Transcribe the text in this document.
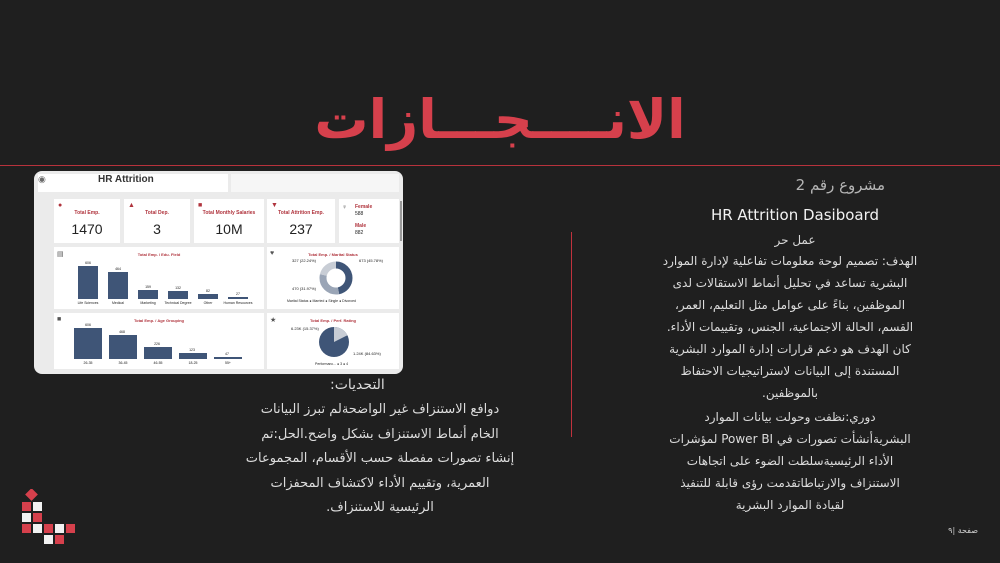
الانــــجـــازات
◉	HR Attrition
●
Total Emp.
1470
▲
Total Dep.
3
■
Total Monthly Salaries
10M
▼
Total Attrition Emp.
237
♀ Female
588
Male
882
▤	Total Emp. / Edu. Field
606
464
159	132
82
27
Life Sciences	Medical	Marketing	Technical Degree	Other	Human Resources
♥	Total Emp. / Marital Status
327 (22.24%)	673 (45.78%)
470 (31.97%)
Marital Status ● Married ● Single ● Divorced
■	Total Emp. / Age Grouping
606
468
226
123
47
26-35	36-45	46-55	18-25	55+
★	Total Emp. / Perf. Rating
6.23K (15.37%)
1.24K (84.63%)
Performanc... ● 3 ● 4
مشروع رقم 2
HR Attrition Dasiboard
عمل حر

الهدف: تصميم لوحة معلومات تفاعلية لإدارة الموارد
البشرية تساعد في تحليل أنماط الاستقالات لدى
الموظفين، بناءً على عوامل مثل التعليم، العمر،
القسم، الحالة الاجتماعية، الجنس، وتقييمات الأداء.
كان الهدف هو دعم قرارات إدارة الموارد البشرية
المستندة إلى البيانات لاستراتيجيات الاحتفاظ
بالموظفين.

دوري:نظفت وحولت بيانات الموارد
البشريةأنشأت تصورات في Power BI لمؤشرات
الأداء الرئيسيةسلطت الضوء على اتجاهات
الاستنزاف والارتباطاتقدمت رؤى قابلة للتنفيذ
لقيادة الموارد البشرية

التحديات:

دوافع الاستنزاف غير الواضحةلم تبرز البيانات
الخام أنماط الاستنزاف بشكل واضح.الحل:تم
إنشاء تصورات مفصلة حسب الأقسام، المجموعات
العمرية، وتقييم الأداء لاكتشاف المحفزات
الرئيسية للاستنزاف.

صفحة |٩
